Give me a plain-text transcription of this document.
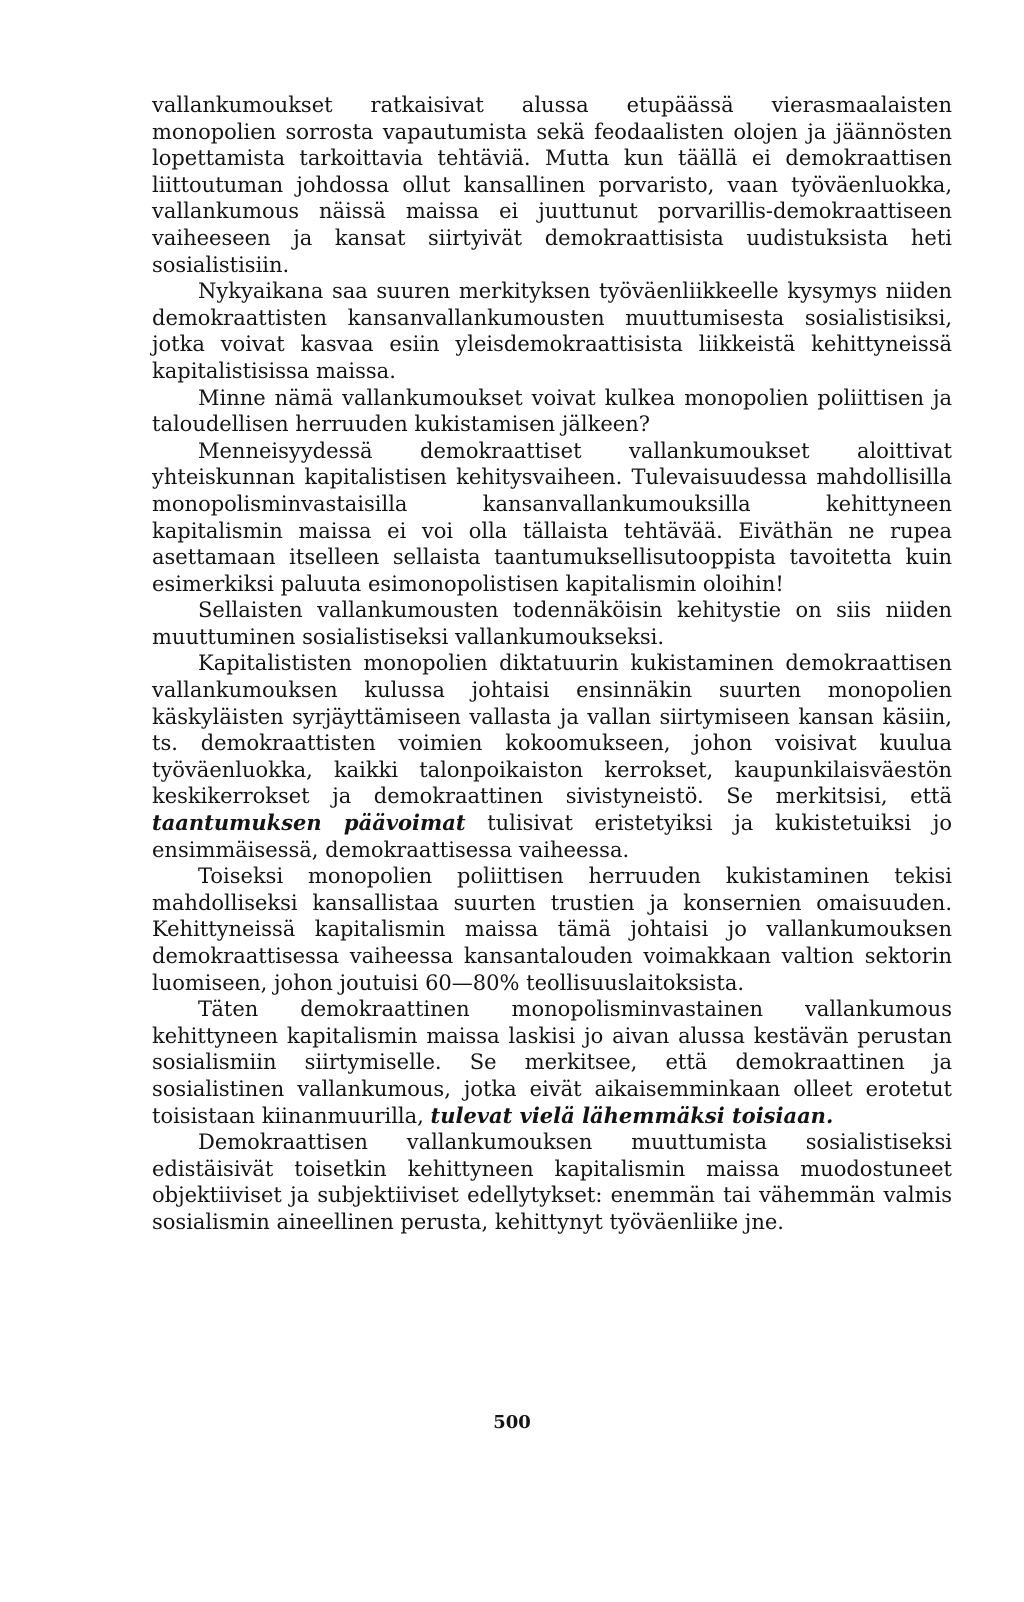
vallankumoukset ratkaisivat alussa etupäässä vierasmaalaisten monopolien sorrosta vapautumista sekä feodaalisten olojen ja jäännösten lopettamista tarkoittavia tehtäviä. Mutta kun täällä ei demokraattisen liittoutuman johdossa ollut kansallinen porvaristo, vaan työväenluokka, vallankumous näissä maissa ei juuttunut porvarillis-demokraattiseen vaiheeseen ja kansat siirtyivät demokraattisista uudistuksista heti sosialistisiin.

Nykyaikana saa suuren merkityksen työväenliikkeelle kysymys niiden demokraattisten kansanvallankumousten muuttumisesta sosialistisiksi, jotka voivat kasvaa esiin yleisdemokraattisista liikkeistä kehittyneissä kapitalistisissa maissa.

Minne nämä vallankumoukset voivat kulkea monopolien poliittisen ja taloudellisen herruuden kukistamisen jälkeen?

Menneisyydessä demokraattiset vallankumoukset aloittivat yhteiskunnan kapitalistisen kehitysvaiheen. Tulevaisuudessa mahdollisilla monopolisminvastaisilla kansanvallankumouksilla kehittyneen kapitalismin maissa ei voi olla tällaista tehtävää. Eiväthän ne rupea asettamaan itselleen sellaista taantumuksellisutooppista tavoitetta kuin esimerkiksi paluuta esimonopolistisen kapitalismin oloihin!

Sellaisten vallankumousten todennäköisin kehitystie on siis niiden muuttuminen sosialistiseksi vallankumoukseksi.

Kapitalististen monopolien diktatuurin kukistaminen demokraattisen vallankumouksen kulussa johtaisi ensinnäkin suurten monopolien käskyläisten syrjäyttämiseen vallasta ja vallan siirtymiseen kansan käsiin, ts. demokraattisten voimien kokoomukseen, johon voisivat kuulua työväenluokka, kaikki talonpoikaiston kerrokset, kaupunkilaisväestön keskikerrokset ja demokraattinen sivistyneistö. Se merkitsisi, että taantumuksen päävoimat tulisivat eristetyiksi ja kukistetuiksi jo ensimmäisessä, demokraattisessa vaiheessa.

Toiseksi monopolien poliittisen herruuden kukistaminen tekisi mahdolliseksi kansallistaa suurten trustien ja konsernien omaisuuden. Kehittyneissä kapitalismin maissa tämä johtaisi jo vallankumouksen demokraattisessa vaiheessa kansantalouden voimakkaan valtion sektorin luomiseen, johon joutuisi 60—80% teollisuuslaitoksista.

Täten demokraattinen monopolisminvastainen vallankumous kehittyneen kapitalismin maissa laskisi jo aivan alussa kestävän perustan sosialismiin siirtymiselle. Se merkitsee, että demokraattinen ja sosialistinen vallankumous, jotka eivät aikaisemminkaan olleet erotetut toisistaan kiinanmuurilla, tulevat vielä lähemmäksi toisiaan.

Demokraattisen vallankumouksen muuttumista sosialistiseksi edistäisivät toisetkin kehittyneen kapitalismin maissa muodostuneet objektiiviset ja subjektiiviset edellytykset: enemmän tai vähemmän valmis sosialismin aineellinen perusta, kehittynyt työväenliike jne.

500
